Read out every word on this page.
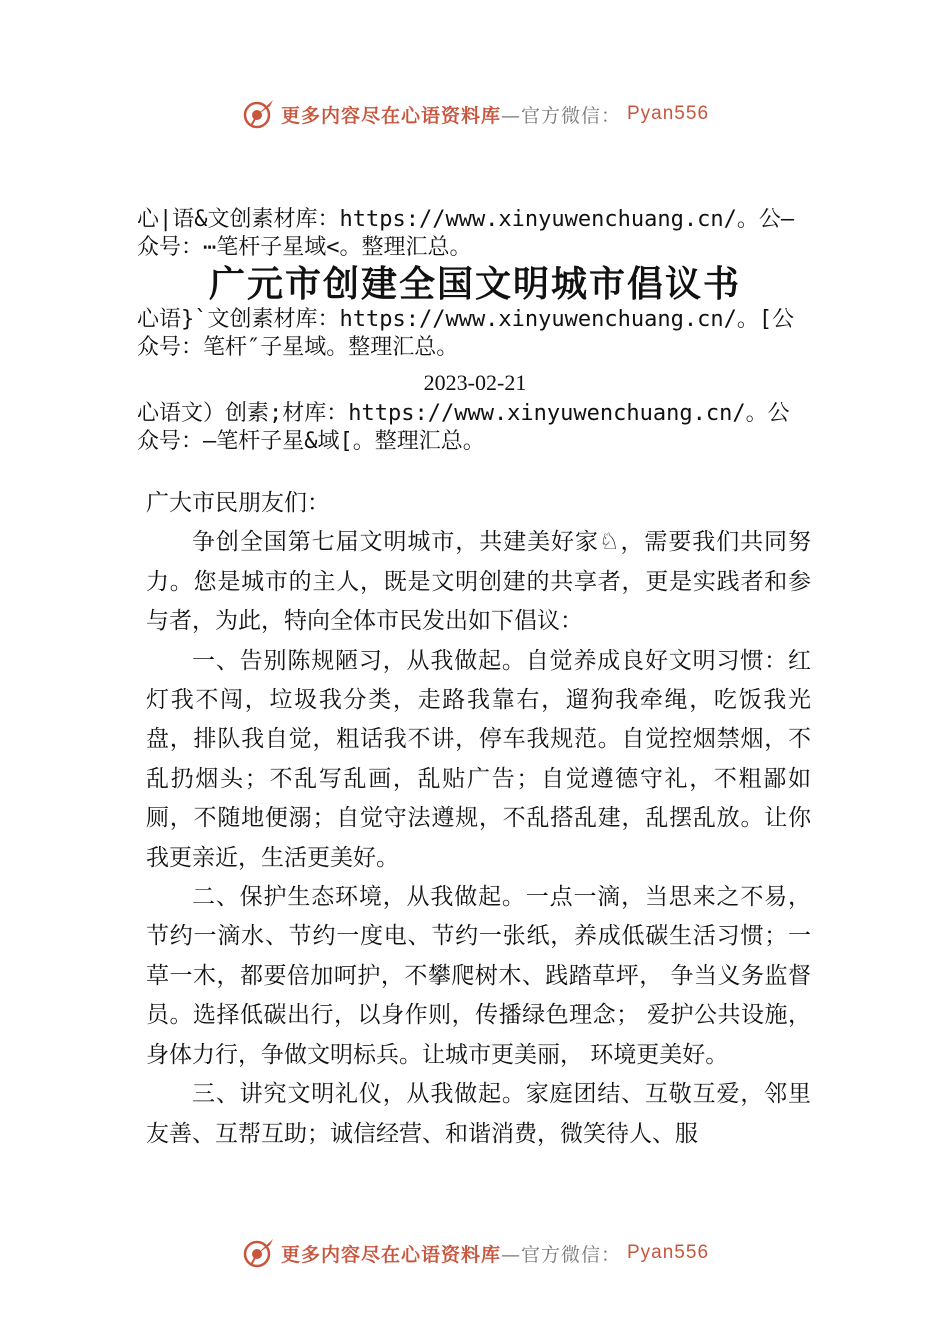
更多内容尽在心语资料库 —官方微信： Pyan556
心|语&文创素材库：https://www.xinyuwenchuang.cn/。公—
众号：⋯笔杆子星域<。整理汇总。
广元市创建全国文明城市倡议书
心语}`文创素材库：https://www.xinyuwenchuang.cn/。[公
众号：笔杆″子星域。整理汇总。
2023-02-21
心语文）创素;材库：https://www.xinyuwenchuang.cn/。公
众号：—笔杆子星&域[。整理汇总。

广大市民朋友们：

争创全国第七届文明城市，共建美好家♘，需要我们共同努力。您是城市的主人，既是文明创建的共享者，更是实践者和参与者，为此，特向全体市民发出如下倡议：

一、告别陈规陋习，从我做起。自觉养成良好文明习惯：红灯我不闯，垃圾我分类，走路我靠右，遛狗我牵绳，吃饭我光盘，排队我自觉，粗话我不讲，停车我规范。自觉控烟禁烟，不乱扔烟头；不乱写乱画，乱贴广告；自觉遵德守礼，不粗鄙如厕，不随地便溺；自觉守法遵规，不乱搭乱建，乱摆乱放。让你我更亲近，生活更美好。

二、保护生态环境，从我做起。一点一滴，当思来之不易，节约一滴水、节约一度电、节约一张纸，养成低碳生活习惯；一草一木，都要倍加呵护，不攀爬树木、践踏草坪， 争当义务监督员。选择低碳出行，以身作则，传播绿色理念； 爱护公共设施，身体力行，争做文明标兵。让城市更美丽， 环境更美好。

三、讲究文明礼仪，从我做起。家庭团结、互敬互爱，邻里友善、互帮互助；诚信经营、和谐消费，微笑待人、服

更多内容尽在心语资料库 —官方微信： Pyan556
